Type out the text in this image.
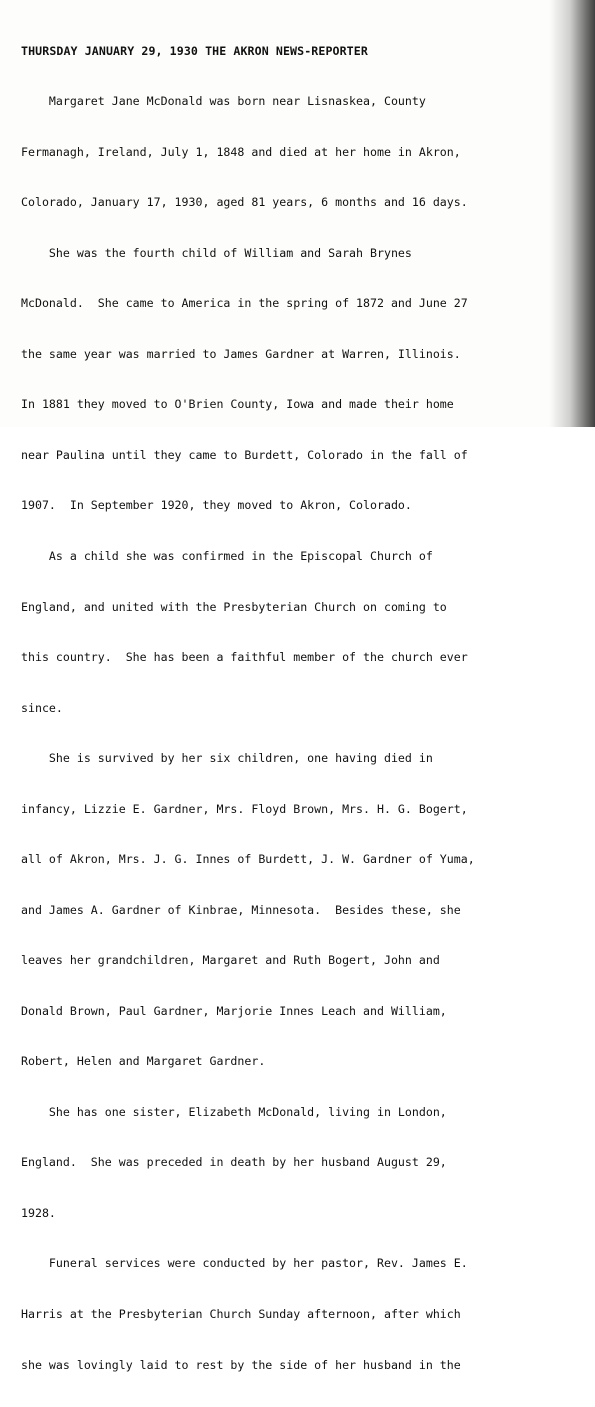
THURSDAY JANUARY 29, 1930 THE AKRON NEWS-REPORTER

Margaret Jane McDonald was born near Lisnaskea, County

Fermanagh, Ireland, July 1, 1848 and died at her home in Akron,

Colorado, January 17, 1930, aged 81 years, 6 months and 16 days.

She was the fourth child of William and Sarah Brynes

McDonald.  She came to America in the spring of 1872 and June 27

the same year was married to James Gardner at Warren, Illinois.

In 1881 they moved to O'Brien County, Iowa and made their home

near Paulina until they came to Burdett, Colorado in the fall of

1907.  In September 1920, they moved to Akron, Colorado.

As a child she was confirmed in the Episcopal Church of

England, and united with the Presbyterian Church on coming to

this country.  She has been a faithful member of the church ever

since.

She is survived by her six children, one having died in

infancy, Lizzie E. Gardner, Mrs. Floyd Brown, Mrs. H. G. Bogert,

all of Akron, Mrs. J. G. Innes of Burdett, J. W. Gardner of Yuma,

and James A. Gardner of Kinbrae, Minnesota.  Besides these, she

leaves her grandchildren, Margaret and Ruth Bogert, John and

Donald Brown, Paul Gardner, Marjorie Innes Leach and William,

Robert, Helen and Margaret Gardner.

She has one sister, Elizabeth McDonald, living in London,

England.  She was preceded in death by her husband August 29,

1928.

Funeral services were conducted by her pastor, Rev. James E.

Harris at the Presbyterian Church Sunday afternoon, after which

she was lovingly laid to rest by the side of her husband in the
